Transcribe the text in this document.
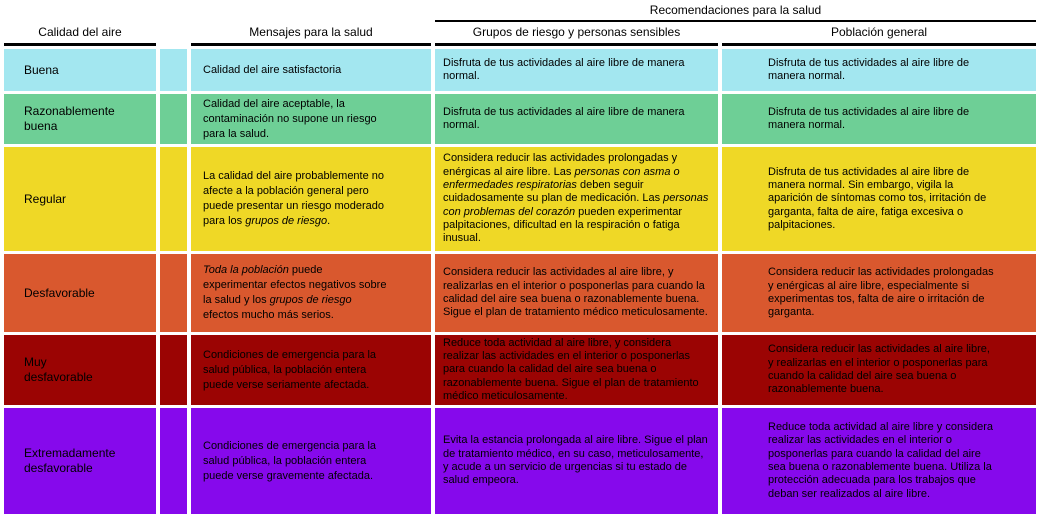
			Recomendaciones para la salud	
Calidad del aire		Mensajes para la salud	Grupos de riesgo y personas sensibles	Población general
Buena		Calidad del aire satisfactoria	Disfruta de tus actividades al aire libre de manera normal.	Disfruta de tus actividades al aire libre de manera normal.
Razonablemente buena		Calidad del aire aceptable, la contaminación no supone un riesgo para la salud.	Disfruta de tus actividades al aire libre de manera normal.	Disfruta de tus actividades al aire libre de manera normal.
Regular		La calidad del aire probablemente no afecte a la población general pero puede presentar un riesgo moderado para los grupos de riesgo.	Considera reducir las actividades prolongadas y enérgicas al aire libre. Las personas con asma o enfermedades respiratorias deben seguir cuidadosamente su plan de medicación. Las personas con problemas del corazón pueden experimentar palpitaciones, dificultad en la respiración o fatiga inusual.	Disfruta de tus actividades al aire libre de manera normal. Sin embargo, vigila la aparición de síntomas como tos, irritación de garganta, falta de aire, fatiga excesiva o palpitaciones.
Desfavorable		Toda la población puede experimentar efectos negativos sobre la salud y los grupos de riesgo efectos mucho más serios.	Considera reducir las actividades al aire libre, y realizarlas en el interior o posponerlas para cuando la calidad del aire sea buena o razonablemente buena. Sigue el plan de tratamiento médico meticulosamente.	Considera reducir las actividades prolongadas y enérgicas al aire libre, especialmente si experimentas tos, falta de aire o irritación de garganta.
Muy desfavorable		Condiciones de emergencia para la salud pública, la población entera puede verse seriamente afectada.	Reduce toda actividad al aire libre, y considera realizar las actividades en el interior o posponerlas para cuando la calidad del aire sea buena o razonablemente buena. Sigue el plan de tratamiento médico meticulosamente.	Considera reducir las actividades al aire libre, y realizarlas en el interior o posponerlas para cuando la calidad del aire sea buena o razonablemente buena.
Extremadamente desfavorable		Condiciones de emergencia para la salud pública, la población entera puede verse gravemente afectada.	Evita la estancia prolongada al aire libre. Sigue el plan de tratamiento médico, en su caso, meticulosamente, y acude a un servicio de urgencias si tu estado de salud empeora.	Reduce toda actividad al aire libre y considera realizar las actividades en el interior o posponerlas para cuando la calidad del aire sea buena o razonablemente buena. Utiliza la protección adecuada para los trabajos que deban ser realizados al aire libre.
